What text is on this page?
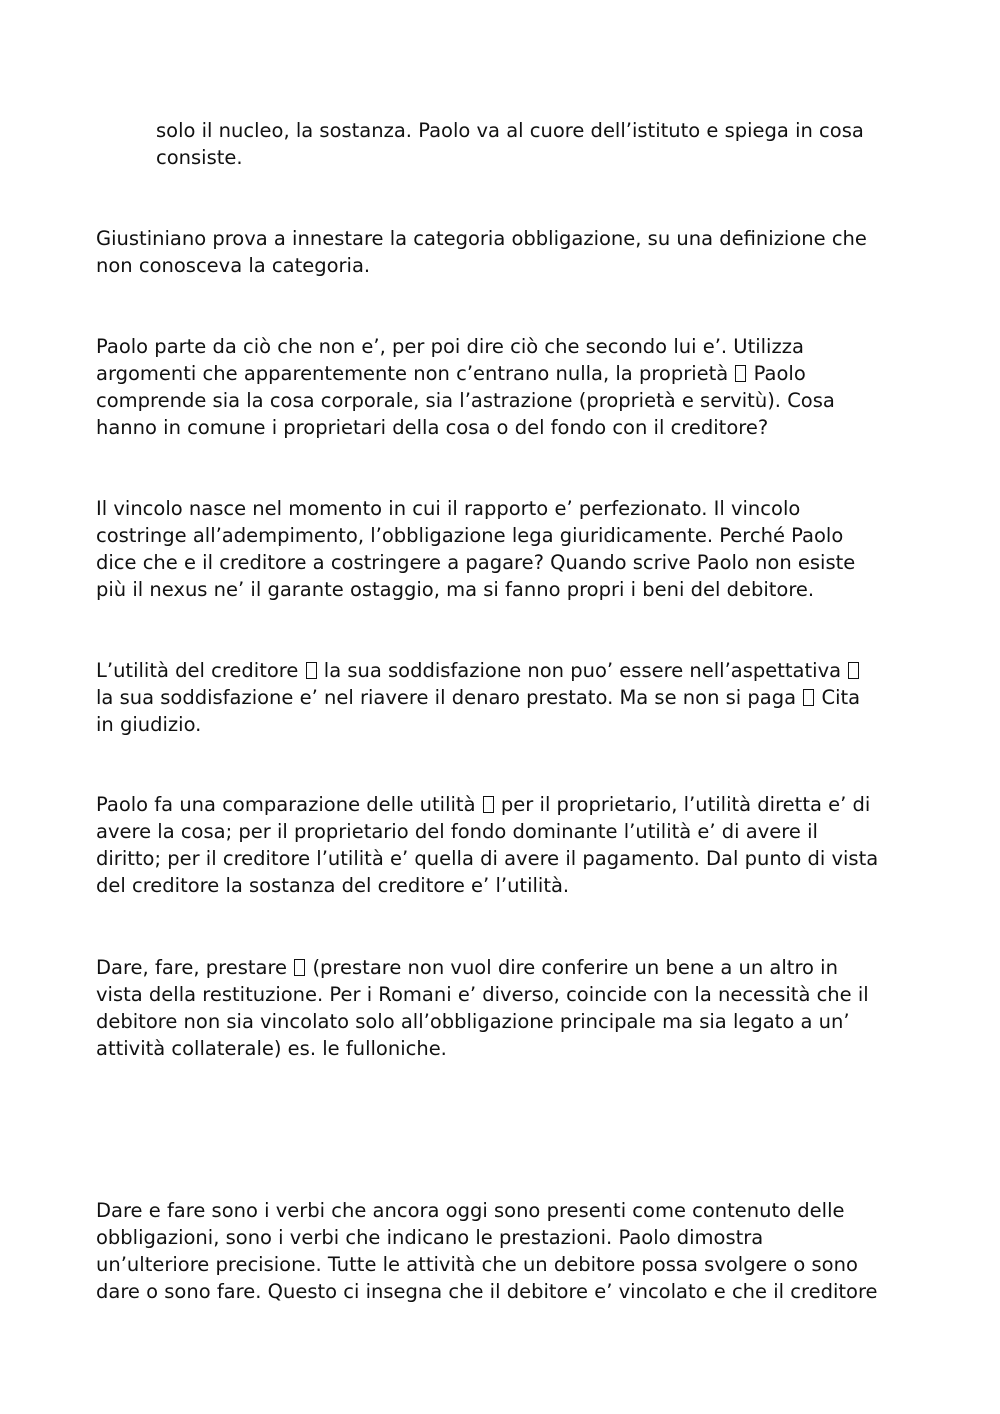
solo il nucleo, la sostanza. Paolo va al cuore dell’istituto e spiega in cosa
consiste.

Giustiniano prova a innestare la categoria obbligazione, su una definizione che
non conosceva la categoria.

Paolo parte da ciò che non e’, per poi dire ciò che secondo lui e’. Utilizza
argomenti che apparentemente non c’entrano nulla, la proprietà  Paolo
comprende sia la cosa corporale, sia l’astrazione (proprietà e servitù). Cosa
hanno in comune i proprietari della cosa o del fondo con il creditore?

Il vincolo nasce nel momento in cui il rapporto e’ perfezionato. Il vincolo
costringe all’adempimento, l’obbligazione lega giuridicamente. Perché Paolo
dice che e il creditore a costringere a pagare? Quando scrive Paolo non esiste
più il nexus ne’ il garante ostaggio, ma si fanno propri i beni del debitore.

L’utilità del creditore  la sua soddisfazione non puo’ essere nell’aspettativa
la sua soddisfazione e’ nel riavere il denaro prestato. Ma se non si paga  Cita
in giudizio.

Paolo fa una comparazione delle utilità  per il proprietario, l’utilità diretta e’ di
avere la cosa; per il proprietario del fondo dominante l’utilità e’ di avere il
diritto; per il creditore l’utilità e’ quella di avere il pagamento. Dal punto di vista
del creditore la sostanza del creditore e’ l’utilità.

Dare, fare, prestare  (prestare non vuol dire conferire un bene a un altro in
vista della restituzione. Per i Romani e’ diverso, coincide con la necessità che il
debitore non sia vincolato solo all’obbligazione principale ma sia legato a un’
attività collaterale) es. le fulloniche.

Dare e fare sono i verbi che ancora oggi sono presenti come contenuto delle
obbligazioni, sono i verbi che indicano le prestazioni. Paolo dimostra
un’ulteriore precisione. Tutte le attività che un debitore possa svolgere o sono
dare o sono fare. Questo ci insegna che il debitore e’ vincolato e che il creditore
